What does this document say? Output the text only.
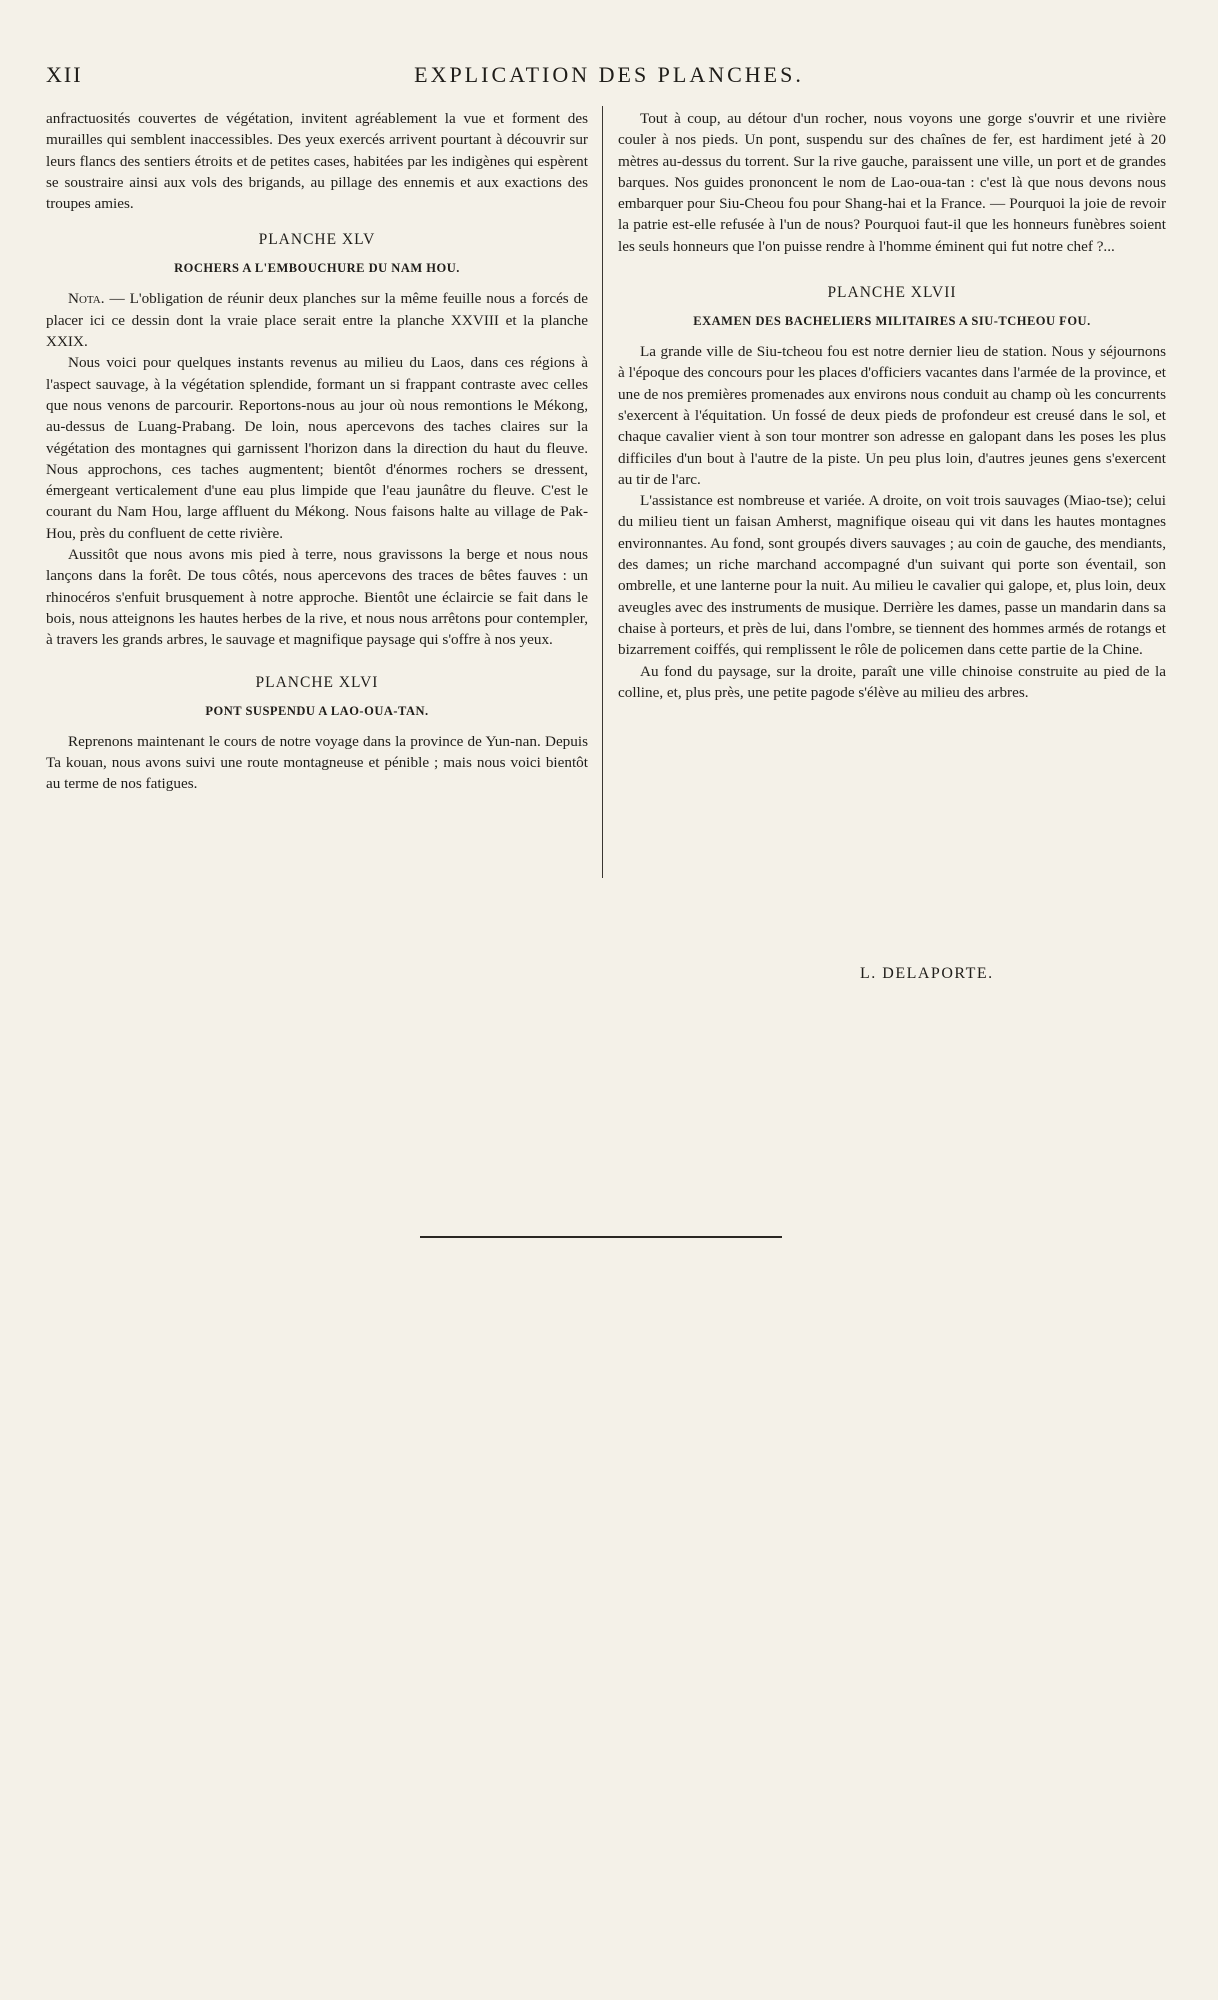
XII	EXPLICATION DES PLANCHES.

anfractuosités couvertes de végétation, invitent agréablement la vue et forment des murailles qui semblent inaccessibles. Des yeux exercés arrivent pourtant à découvrir sur leurs flancs des sentiers étroits et de petites cases, habitées par les indigènes qui espèrent se soustraire ainsi aux vols des brigands, au pillage des ennemis et aux exactions des troupes amies.

PLANCHE XLV
ROCHERS A L'EMBOUCHURE DU NAM HOU.

Nota. — L'obligation de réunir deux planches sur la même feuille nous a forcés de placer ici ce dessin dont la vraie place serait entre la planche XXVIII et la planche XXIX.

Nous voici pour quelques instants revenus au milieu du Laos, dans ces régions à l'aspect sauvage, à la végétation splendide, formant un si frappant contraste avec celles que nous venons de parcourir. Reportons-nous au jour où nous remontions le Mékong, au-dessus de Luang-Prabang. De loin, nous apercevons des taches claires sur la végétation des montagnes qui garnissent l'horizon dans la direction du haut du fleuve. Nous approchons, ces taches augmentent; bientôt d'énormes rochers se dressent, émergeant verticalement d'une eau plus limpide que l'eau jaunâtre du fleuve. C'est le courant du Nam Hou, large affluent du Mékong. Nous faisons halte au village de Pak-Hou, près du confluent de cette rivière.

Aussitôt que nous avons mis pied à terre, nous gravissons la berge et nous nous lançons dans la forêt. De tous côtés, nous apercevons des traces de bêtes fauves : un rhinocéros s'enfuit brusquement à notre approche. Bientôt une éclaircie se fait dans le bois, nous atteignons les hautes herbes de la rive, et nous nous arrêtons pour contempler, à travers les grands arbres, le sauvage et magnifique paysage qui s'offre à nos yeux.

PLANCHE XLVI
PONT SUSPENDU A LAO-OUA-TAN.

Reprenons maintenant le cours de notre voyage dans la province de Yun-nan. Depuis Ta kouan, nous avons suivi une route montagneuse et pénible ; mais nous voici bientôt au terme de nos fatigues.

Tout à coup, au détour d'un rocher, nous voyons une gorge s'ouvrir et une rivière couler à nos pieds. Un pont, suspendu sur des chaînes de fer, est hardiment jeté à 20 mètres au-dessus du torrent. Sur la rive gauche, paraissent une ville, un port et de grandes barques. Nos guides prononcent le nom de Lao-oua-tan : c'est là que nous devons nous embarquer pour Siu-Cheou fou pour Shang-hai et la France. — Pourquoi la joie de revoir la patrie est-elle refusée à l'un de nous? Pourquoi faut-il que les honneurs funèbres soient les seuls honneurs que l'on puisse rendre à l'homme éminent qui fut notre chef ?...

PLANCHE XLVII
EXAMEN DES BACHELIERS MILITAIRES A SIU-TCHEOU FOU.

La grande ville de Siu-tcheou fou est notre dernier lieu de station. Nous y séjournons à l'époque des concours pour les places d'officiers vacantes dans l'armée de la province, et une de nos premières promenades aux environs nous conduit au champ où les concurrents s'exercent à l'équitation. Un fossé de deux pieds de profondeur est creusé dans le sol, et chaque cavalier vient à son tour montrer son adresse en galopant dans les poses les plus difficiles d'un bout à l'autre de la piste. Un peu plus loin, d'autres jeunes gens s'exercent au tir de l'arc.

L'assistance est nombreuse et variée. A droite, on voit trois sauvages (Miao-tse); celui du milieu tient un faisan Amherst, magnifique oiseau qui vit dans les hautes montagnes environnantes. Au fond, sont groupés divers sauvages ; au coin de gauche, des mendiants, des dames; un riche marchand accompagné d'un suivant qui porte son éventail, son ombrelle, et une lanterne pour la nuit. Au milieu le cavalier qui galope, et, plus loin, deux aveugles avec des instruments de musique. Derrière les dames, passe un mandarin dans sa chaise à porteurs, et près de lui, dans l'ombre, se tiennent des hommes armés de rotangs et bizarrement coiffés, qui remplissent le rôle de policemen dans cette partie de la Chine.

Au fond du paysage, sur la droite, paraît une ville chinoise construite au pied de la colline, et, plus près, une petite pagode s'élève au milieu des arbres.

L. DELAPORTE.
